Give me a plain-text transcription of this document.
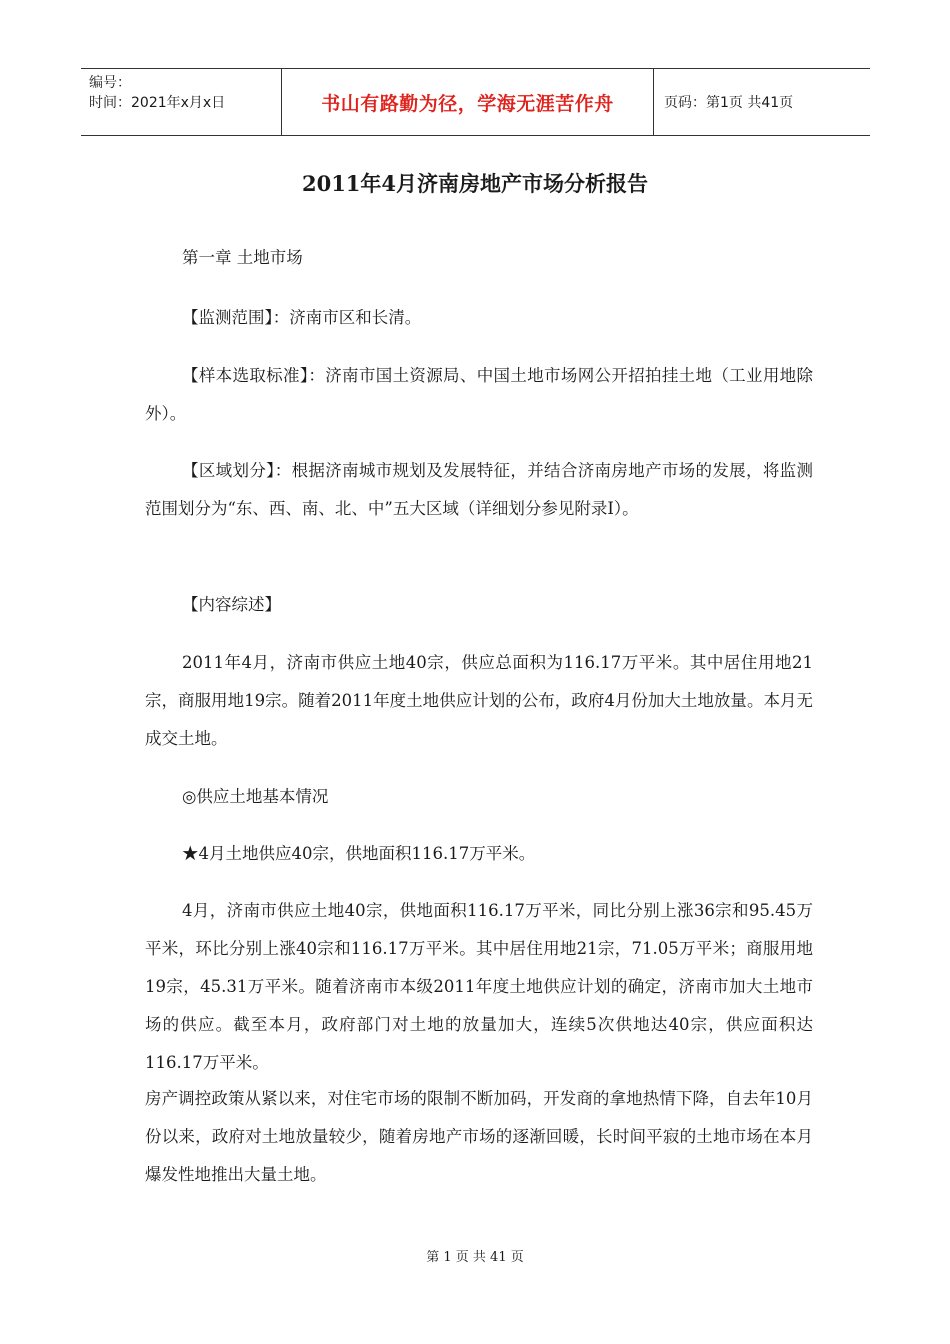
编号：
时间：2021年x月x日	书山有路勤为径，学海无涯苦作舟	页码：第1页 共41页
2011年4月济南房地产市场分析报告

第一章 土地市场

【监测范围】：济南市区和长清。

【样本选取标准】：济南市国土资源局、中国土地市场网公开招拍挂土地（工业用地除外）。

【区域划分】：根据济南城市规划及发展特征，并结合济南房地产市场的发展，将监测范围划分为“东、西、南、北、中”五大区域（详细划分参见附录Ⅰ）。

【内容综述】

2011年4月，济南市供应土地40宗，供应总面积为116.17万平米。其中居住用地21宗，商服用地19宗。随着2011年度土地供应计划的公布，政府4月份加大土地放量。本月无成交土地。

◎供应土地基本情况

★4月土地供应40宗，供地面积116.17万平米。

4月，济南市供应土地40宗，供地面积116.17万平米，同比分别上涨36宗和95.45万平米，环比分别上涨40宗和116.17万平米。其中居住用地21宗，71.05万平米；商服用地19宗，45.31万平米。随着济南市本级2011年度土地供应计划的确定，济南市加大土地市场的供应。截至本月，政府部门对土地的放量加大，连续5次供地达40宗，供应面积达116.17万平米。

房产调控政策从紧以来，对住宅市场的限制不断加码，开发商的拿地热情下降，自去年10月份以来，政府对土地放量较少，随着房地产市场的逐渐回暖，长时间平寂的土地市场在本月爆发性地推出大量土地。

第 1 页 共 41 页
